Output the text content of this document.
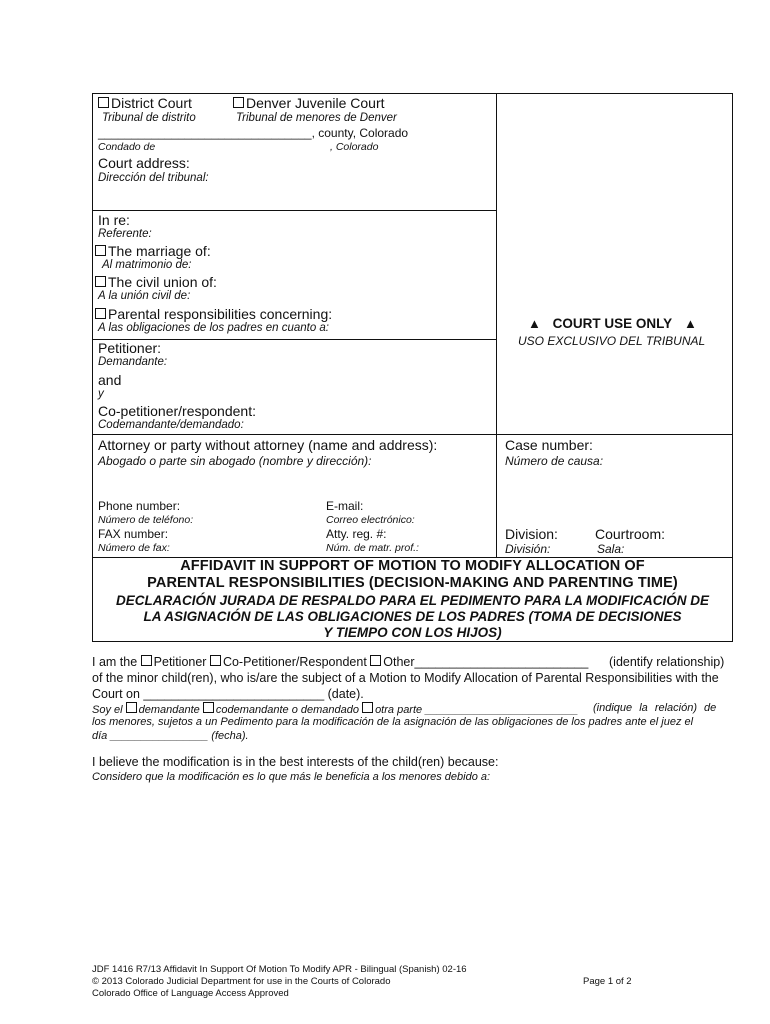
District Court
Tribunal de distrito
Denver Juvenile Court
Tribunal de menores de Denver
________________________________, county, Colorado
Condado de	, Colorado
Court address:
Dirección del tribunal:
In re:
Referente:
The marriage of:
Al matrimonio de:
The civil union of:
A la unión civil de:
Parental responsibilities concerning:
A las obligaciones de los padres en cuanto a:
Petitioner:
Demandante:
and
y
Co-petitioner/respondent:
Codemandante/demandado:
▲ COURT USE ONLY ▲
USO EXCLUSIVO DEL TRIBUNAL
Attorney or party without attorney (name and address):
Abogado o parte sin abogado (nombre y dirección):
Phone number:
Número de teléfono:
FAX number:
Número de fax:
E-mail:
Correo electrónico:
Atty. reg. #:
Núm. de matr. prof.:
Case number:
Número de causa:
Division:
División:
Courtroom:
Sala:
AFFIDAVIT IN SUPPORT OF MOTION TO MODIFY ALLOCATION OF
PARENTAL RESPONSIBILITIES (DECISION-MAKING AND PARENTING TIME)
DECLARACIÓN JURADA DE RESPALDO PARA EL PEDIMENTO PARA LA MODIFICACIÓN DE
LA ASIGNACIÓN DE LAS OBLIGACIONES DE LOS PADRES (TOMA DE DECISIONES
Y TIEMPO CON LOS HIJOS)
I am the Petitioner Co-Petitioner/Respondent Other_________________________ (identify relationship)
of the minor child(ren), who is/are the subject of a Motion to Modify Allocation of Parental Responsibilities with the
Court on __________________________ (date).
Soy el demandante codemandante o demandado otra parte _________________________ (indique la relación) de
los menores, sujetos a un Pedimento para la modificación de la asignación de las obligaciones de los padres ante el juez el
día ________________ (fecha).
I believe the modification is in the best interests of the child(ren) because:
Considero que la modificación es lo que más le beneficia a los menores debido a:
JDF 1416 R7/13 Affidavit In Support Of Motion To Modify APR - Bilingual (Spanish) 02-16
© 2013 Colorado Judicial Department for use in the Courts of Colorado
Colorado Office of Language Access Approved
Page 1 of 2
